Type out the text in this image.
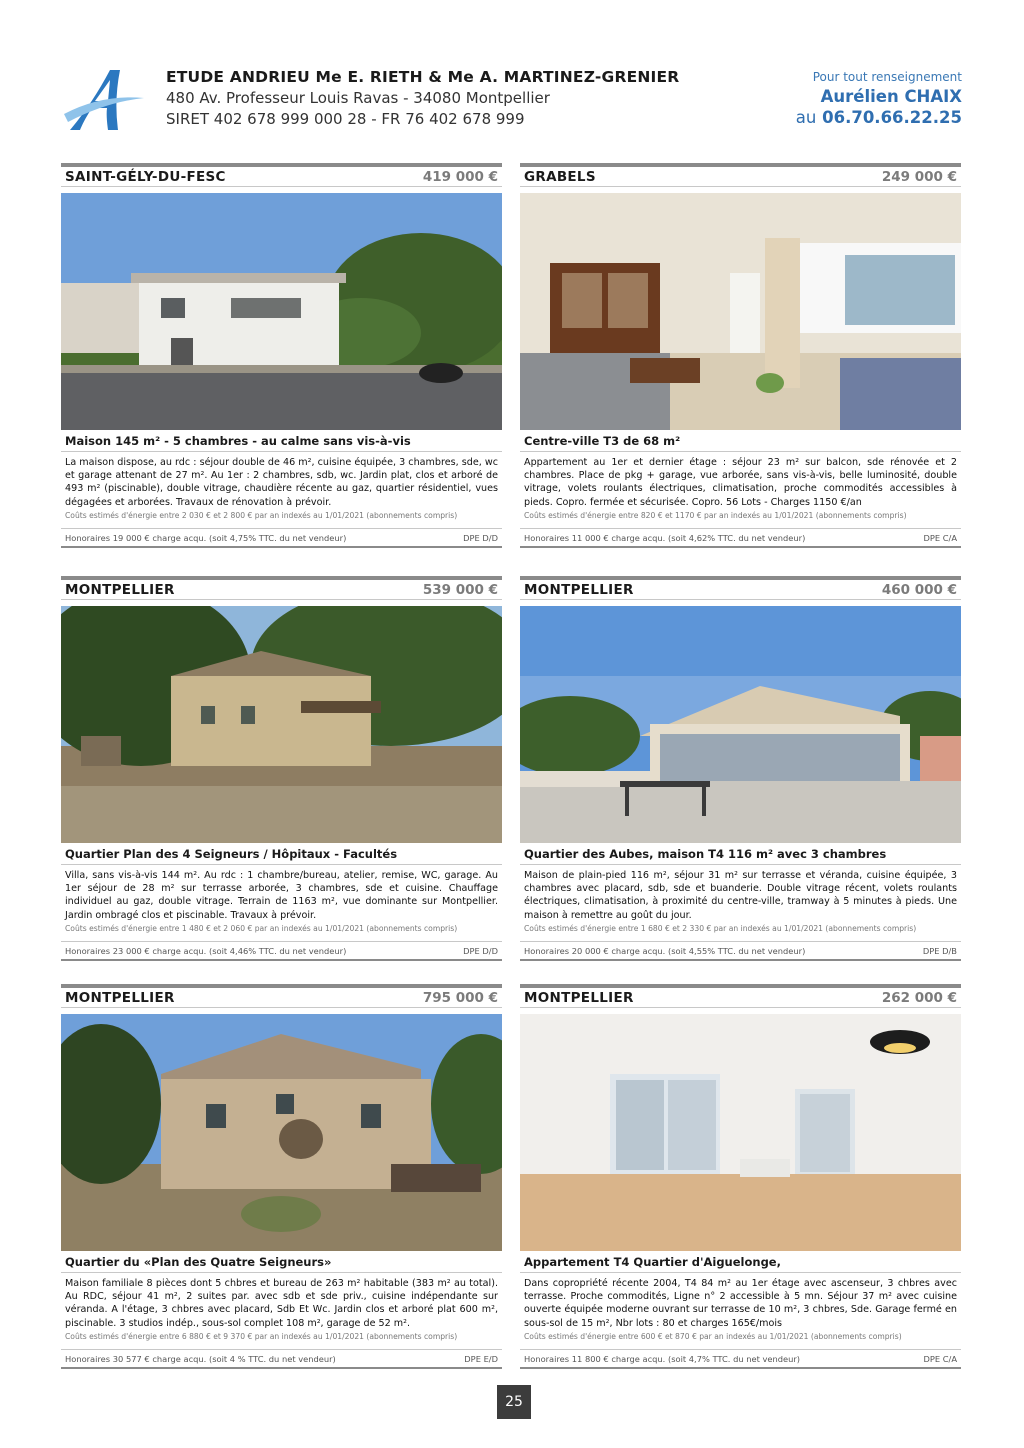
ETUDE ANDRIEU Me E. RIETH & Me A. MARTINEZ-GRENIER
480 Av. Professeur Louis Ravas - 34080 Montpellier
SIRET 402 678 999 000 28 - FR 76 402 678 999
Pour tout renseignement
Aurélien CHAIX
au 06.70.66.22.25
SAINT-GÉLY-DU-FESC	419 000 €
Maison 145 m² - 5 chambres - au calme sans vis-à-vis
La maison dispose, au rdc : séjour double de 46 m², cuisine équipée, 3 chambres, sde, wc et garage attenant de 27 m². Au 1er : 2 chambres, sdb, wc. Jardin plat, clos et arboré de 493 m² (piscinable), double vitrage, chaudière récente au gaz, quartier résidentiel, vues dégagées et arborées. Travaux de rénovation à prévoir.
Coûts estimés d'énergie entre 2 030 € et 2 800 € par an indexés au 1/01/2021 (abonnements compris)
Honoraires 19 000 € charge acqu. (soit 4,75% TTC. du net vendeur)	DPE D/D
GRABELS	249 000 €
Centre-ville T3 de 68 m²
Appartement au 1er et dernier étage : séjour 23 m² sur balcon, sde rénovée et 2 chambres. Place de pkg + garage, vue arborée, sans vis-à-vis, belle luminosité, double vitrage, volets roulants électriques, climatisation, proche commodités accessibles à pieds. Copro. fermée et sécurisée. Copro. 56 Lots - Charges 1150 €/an
Coûts estimés d'énergie entre 820 € et 1170 € par an indexés au 1/01/2021 (abonnements compris)
Honoraires 11 000 € charge acqu. (soit 4,62% TTC. du net vendeur)	DPE C/A
MONTPELLIER	539 000 €
Quartier Plan des 4 Seigneurs / Hôpitaux - Facultés
Villa, sans vis-à-vis 144 m². Au rdc : 1 chambre/bureau, atelier, remise, WC, garage. Au 1er séjour de 28 m² sur terrasse arborée, 3 chambres, sde et cuisine. Chauffage individuel au gaz, double vitrage. Terrain de 1163 m², vue dominante sur Montpellier. Jardin ombragé clos et piscinable. Travaux à prévoir.
Coûts estimés d'énergie entre 1 480 € et 2 060 € par an indexés au 1/01/2021 (abonnements compris)
Honoraires 23 000 € charge acqu. (soit 4,46% TTC. du net vendeur)	DPE D/D
MONTPELLIER	460 000 €
Quartier des Aubes, maison T4 116 m² avec 3 chambres
Maison de plain-pied 116 m², séjour 31 m² sur terrasse et véranda, cuisine équipée, 3 chambres avec placard, sdb, sde et buanderie. Double vitrage récent, volets roulants électriques, climatisation, à proximité du centre-ville, tramway à 5 minutes à pieds. Une maison à remettre au goût du jour.
Coûts estimés d'énergie entre 1 680 € et 2 330 € par an indexés au 1/01/2021 (abonnements compris)
Honoraires 20 000 € charge acqu. (soit 4,55% TTC. du net vendeur)	DPE D/B
MONTPELLIER	795 000 €
Quartier du «Plan des Quatre Seigneurs»
Maison familiale 8 pièces dont 5 chbres et bureau de 263 m² habitable (383 m² au total). Au RDC, séjour 41 m², 2 suites par. avec sdb et sde priv., cuisine indépendante sur véranda. A l'étage, 3 chbres avec placard, Sdb Et Wc. Jardin clos et arboré plat 600 m², piscinable. 3 studios indép., sous-sol complet 108 m², garage de 52 m².
Coûts estimés d'énergie entre 6 880 € et 9 370 € par an indexés au 1/01/2021 (abonnements compris)
Honoraires 30 577 € charge acqu. (soit 4 % TTC. du net vendeur)	DPE E/D
MONTPELLIER	262 000 €
Appartement T4 Quartier d'Aiguelonge,
Dans copropriété récente 2004, T4 84 m² au 1er étage avec ascenseur, 3 chbres avec terrasse. Proche commodités, Ligne n° 2 accessible à 5 mn. Séjour 37 m² avec cuisine ouverte équipée moderne ouvrant sur terrasse de 10 m², 3 chbres, Sde. Garage fermé en sous-sol de 15 m², Nbr lots : 80 et charges 165€/mois
Coûts estimés d'énergie entre 600 € et 870 € par an indexés au 1/01/2021 (abonnements compris)
Honoraires 11 800 € charge acqu. (soit 4,7% TTC. du net vendeur)	DPE C/A
25
